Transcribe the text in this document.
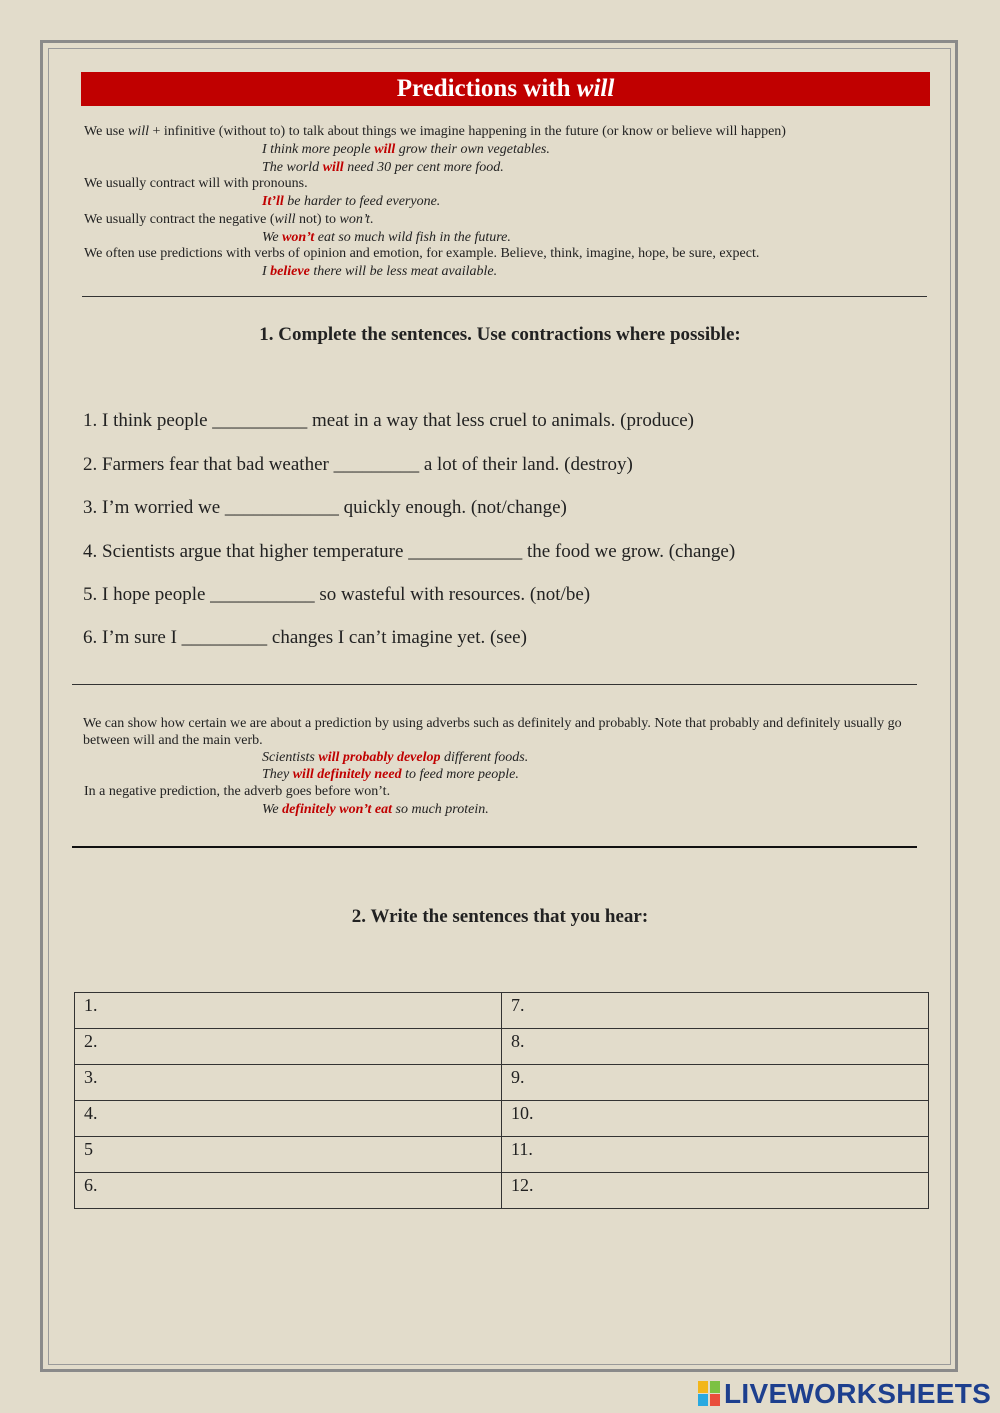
Predictions with will
We use will + infinitive (without to) to talk about things we imagine happening in the future (or know or believe will happen)
I think more people will grow their own vegetables.
The world will need 30 per cent more food.
We usually contract will with pronouns.
It’ll be harder to feed everyone.
We usually contract the negative (will not) to won’t.
We won’t eat so much wild fish in the future.
We often use predictions with verbs of opinion and emotion, for example. Believe, think, imagine, hope, be sure, expect.
I believe there will be less meat available.
1. Complete the sentences. Use contractions where possible:
1. I think people __________ meat in a way that less cruel to animals. (produce)
2. Farmers fear that bad weather _________ a lot of their land. (destroy)
3. I’m worried we ____________ quickly enough. (not/change)
4. Scientists argue that higher temperature ____________ the food we grow. (change)
5. I hope people ___________ so wasteful with resources. (not/be)
6. I’m sure I _________ changes I can’t imagine yet. (see)
We can show how certain we are about a prediction by using adverbs such as definitely and probably. Note that probably and definitely usually go between will and the main verb.
Scientists will probably develop different foods.
They will definitely need to feed more people.
In a negative prediction, the adverb goes before won’t.
We definitely won’t eat so much protein.
2. Write the sentences that you hear:
1.	7.
2.	8.
3.	9.
4.	10.
5	11.
6.	12.
LIVEWORKSHEETS
